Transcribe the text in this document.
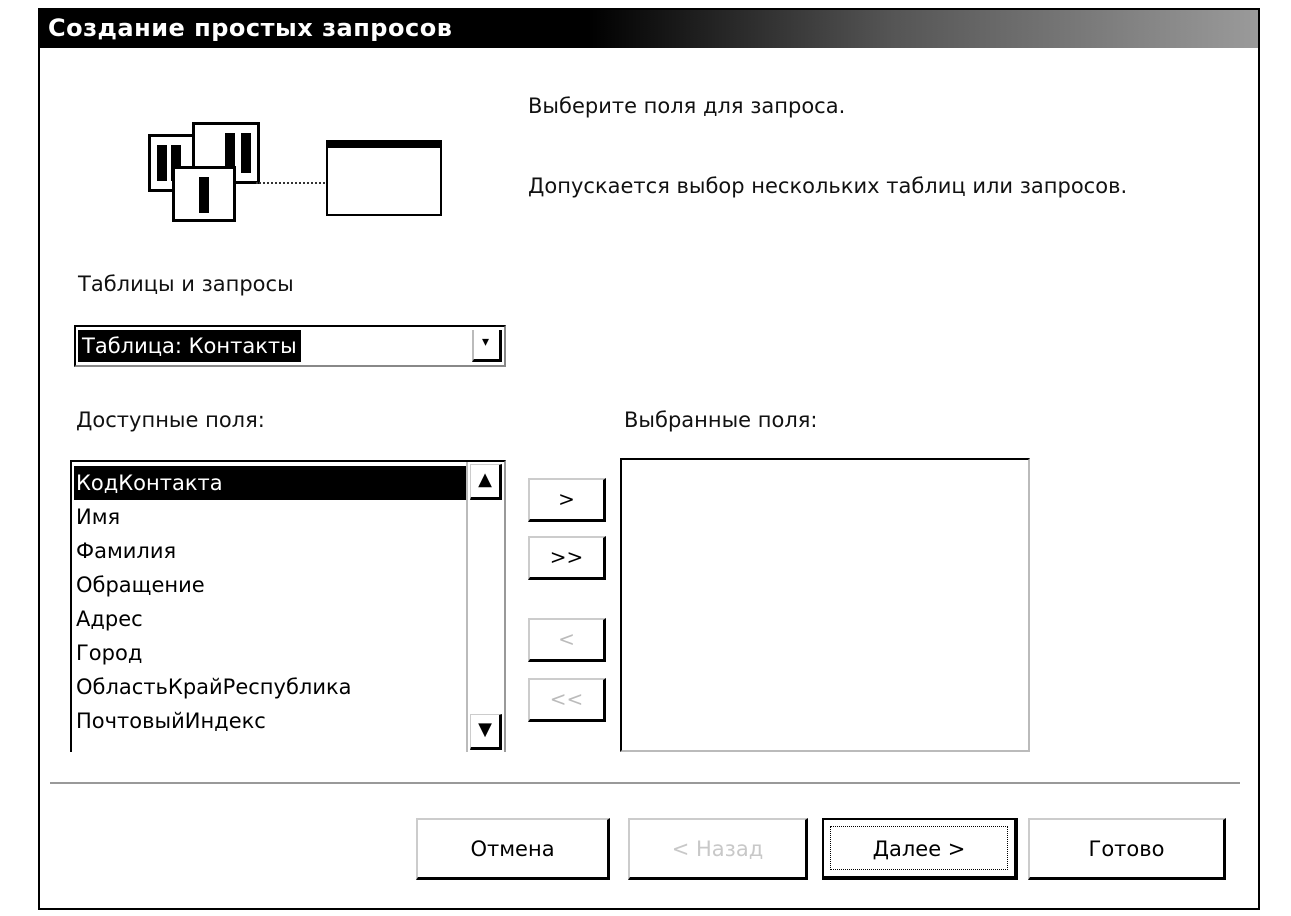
Создание простых запросов
Выберите поля для запроса.
Допускается выбор нескольких таблиц или запросов.
Таблицы и запросы
Таблица: Контакты	▾
Доступные поля:	Выбранные поля:
КодКонтакта
Имя
Фамилия
Обращение
Адрес
Город
ОбластьКрайРеспублика
ПочтовыйИндекс
▲
▼
>
>>
<
<<
Отмена	< Назад	Далее >	Готово
